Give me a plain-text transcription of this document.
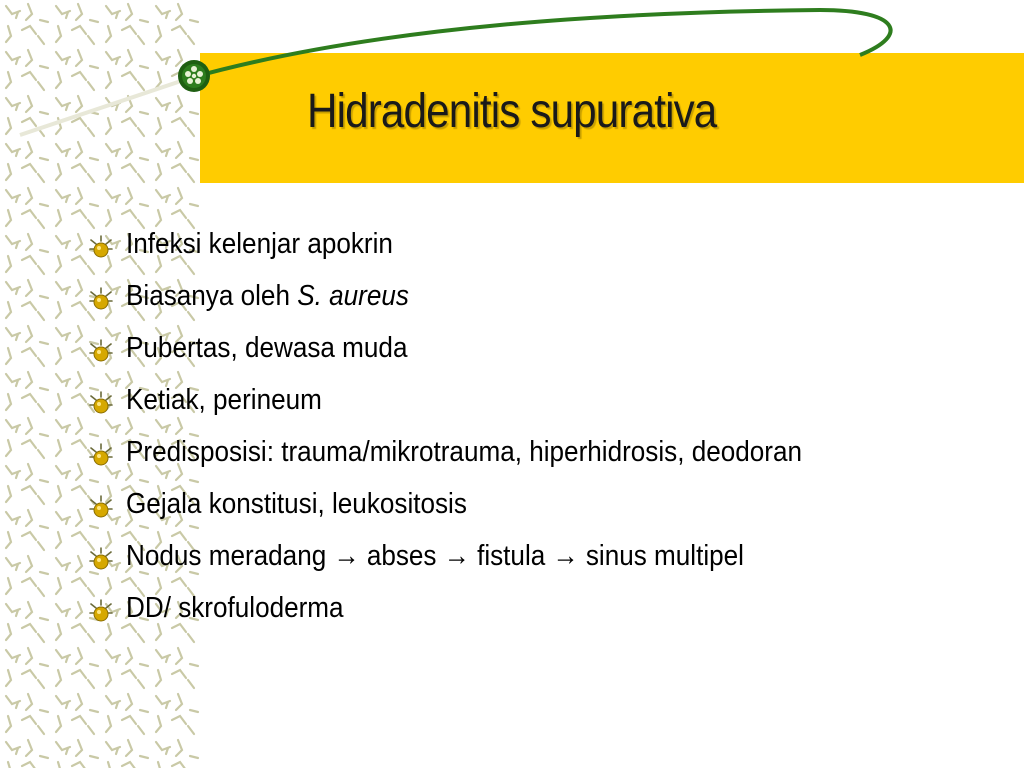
Hidradenitis supurativa
Infeksi kelenjar apokrin
Biasanya oleh S. aureus
Pubertas, dewasa muda
Ketiak, perineum
Predisposisi: trauma/mikrotrauma, hiperhidrosis, deodoran
Gejala konstitusi, leukositosis
Nodus meradang → abses → fistula → sinus multipel
DD/ skrofuloderma
